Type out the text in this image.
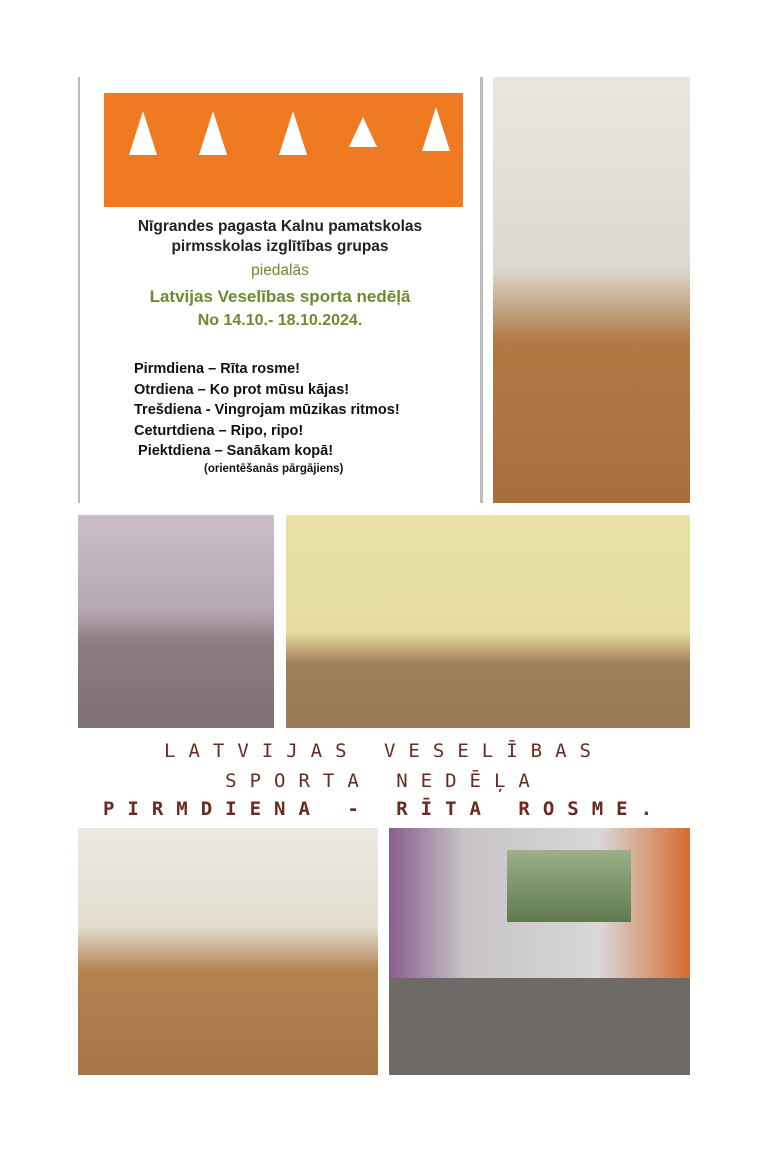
Nīgrandes pagasta Kalnu pamatskolas
pirmsskolas izglītības grupas
piedalās
Latvijas Veselības sporta nedēļā
No 14.10.- 18.10.2024.
Pirmdiena – Rīta rosme!
Otrdiena – Ko prot mūsu kājas!
Trešdiena - Vingrojam mūzikas ritmos!
Ceturtdiena – Ripo, ripo!
Piektdiena – Sanākam kopā!
(orientēšanās pārgājiens)
LATVIJAS VESELĪBAS
SPORTA NEDĒĻA
PIRMDIENA - RĪTA ROSME.
